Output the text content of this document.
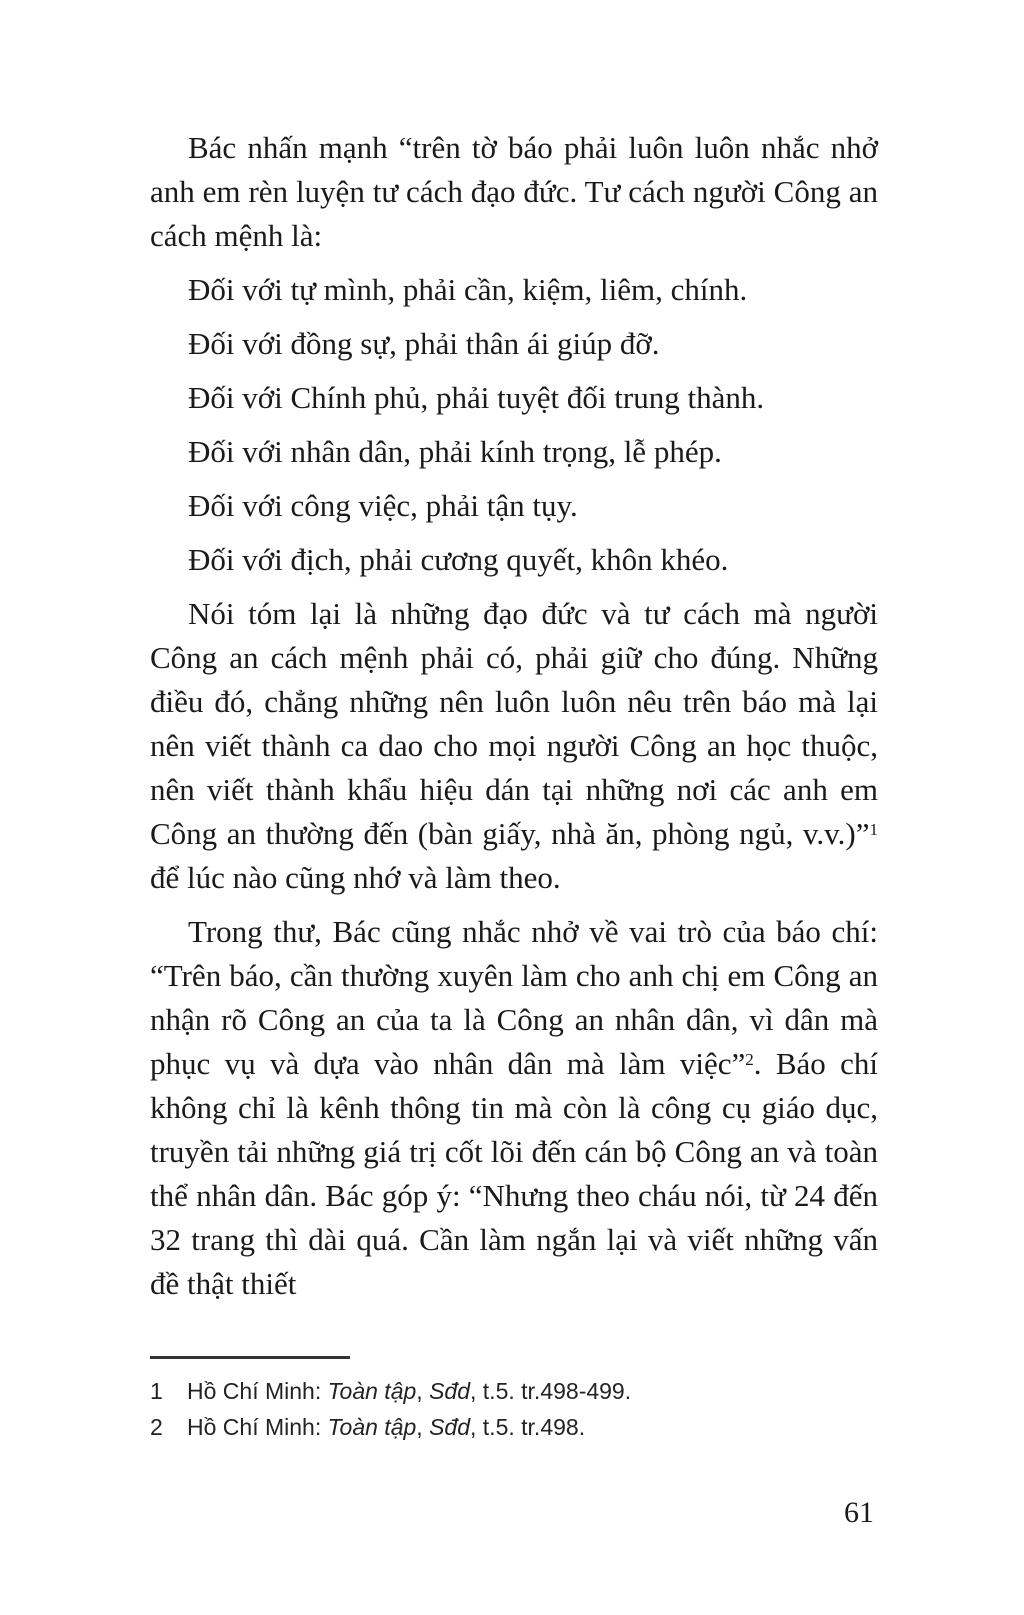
Bác nhấn mạnh “trên tờ báo phải luôn luôn nhắc nhở anh em rèn luyện tư cách đạo đức. Tư cách người Công an cách mệnh là:

Đối với tự mình, phải cần, kiệm, liêm, chính.

Đối với đồng sự, phải thân ái giúp đỡ.

Đối với Chính phủ, phải tuyệt đối trung thành.

Đối với nhân dân, phải kính trọng, lễ phép.

Đối với công việc, phải tận tụy.

Đối với địch, phải cương quyết, khôn khéo.

Nói tóm lại là những đạo đức và tư cách mà người Công an cách mệnh phải có, phải giữ cho đúng. Những điều đó, chẳng những nên luôn luôn nêu trên báo mà lại nên viết thành ca dao cho mọi người Công an học thuộc, nên viết thành khẩu hiệu dán tại những nơi các anh em Công an thường đến (bàn giấy, nhà ăn, phòng ngủ, v.v.)”$^1$ để lúc nào cũng nhớ và làm theo.

Trong thư, Bác cũng nhắc nhở về vai trò của báo chí: “Trên báo, cần thường xuyên làm cho anh chị em Công an nhận rõ Công an của ta là Công an nhân dân, vì dân mà phục vụ và dựa vào nhân dân mà làm việc”$^2$. Báo chí không chỉ là kênh thông tin mà còn là công cụ giáo dục, truyền tải những giá trị cốt lõi đến cán bộ Công an và toàn thể nhân dân. Bác góp ý: “Nhưng theo cháu nói, từ 24 đến 32 trang thì dài quá. Cần làm ngắn lại và viết những vấn đề thật thiết

1	Hồ Chí Minh: Toàn tập, Sđd, t.5. tr.498-499.
2	Hồ Chí Minh: Toàn tập, Sđd, t.5. tr.498.
61
